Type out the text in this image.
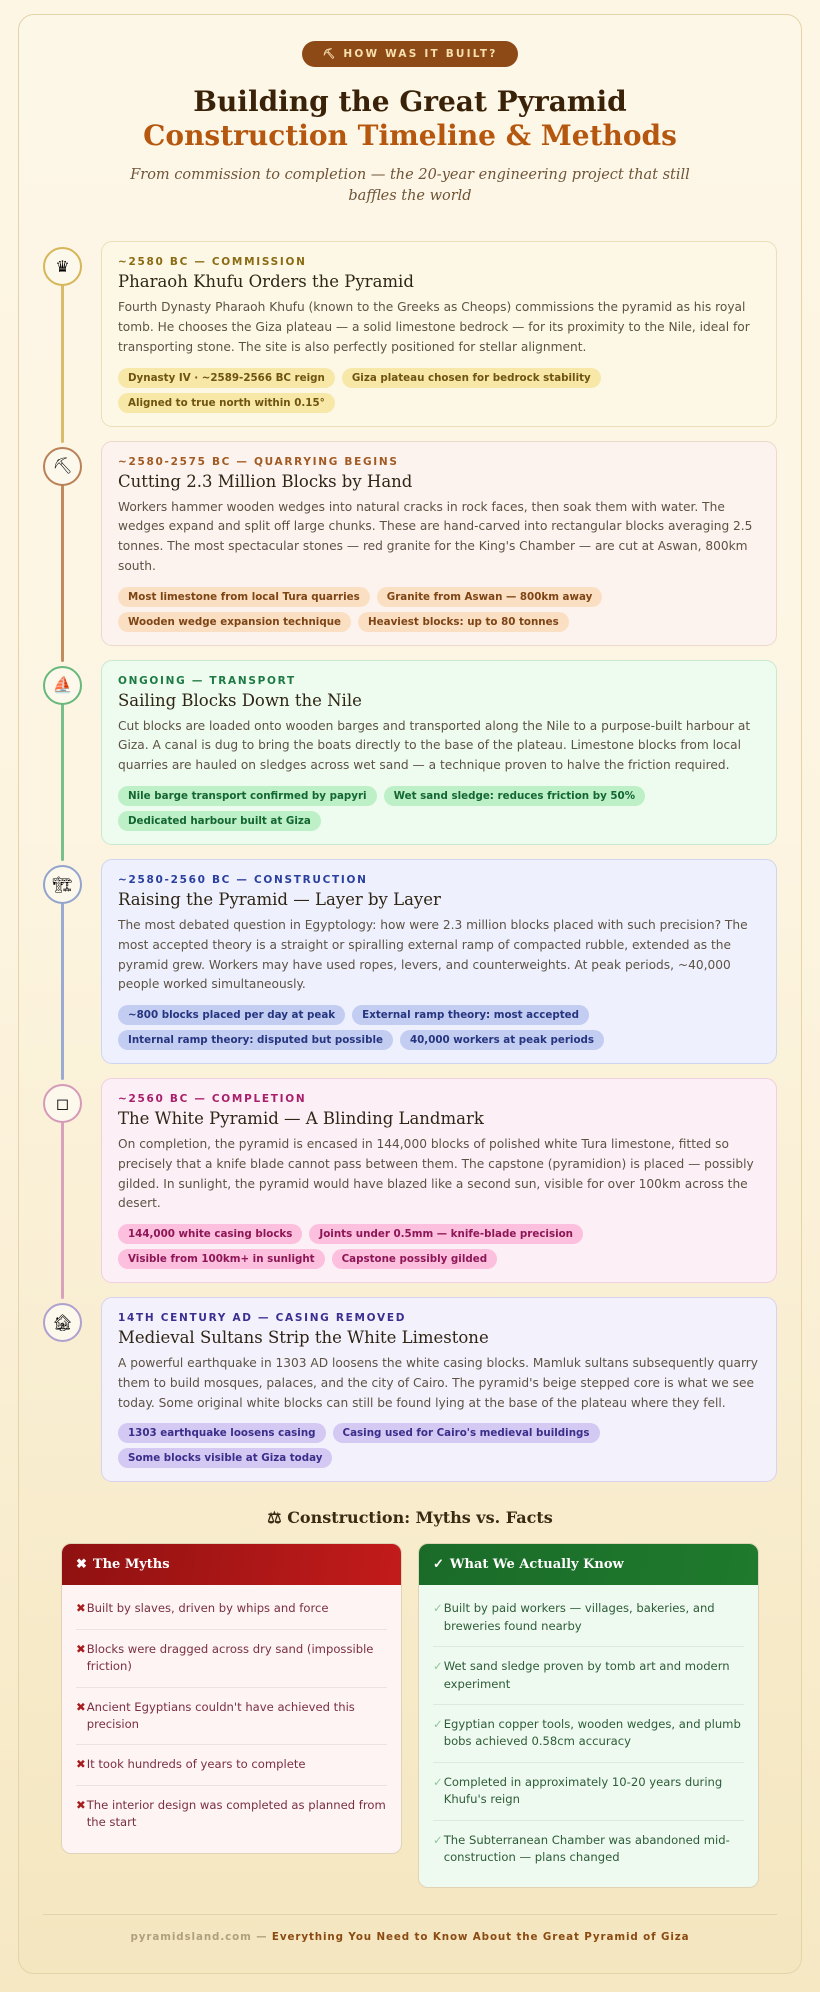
⛏ HOW WAS IT BUILT?
Building the Great Pyramid
Construction Timeline & Methods

From commission to completion — the 20-year engineering project that still baffles the world

♛	~2580 BC — COMMISSION
Pharaoh Khufu Orders the Pyramid

Fourth Dynasty Pharaoh Khufu (known to the Greeks as Cheops) commissions the pyramid as his royal tomb. He chooses the Giza plateau — a solid limestone bedrock — for its proximity to the Nile, ideal for transporting stone. The site is also perfectly positioned for stellar alignment.

Dynasty IV · ~2589-2566 BC reign	Giza plateau chosen for bedrock stability
Aligned to true north within 0.15°
⛏	~2580-2575 BC — QUARRYING BEGINS
Cutting 2.3 Million Blocks by Hand

Workers hammer wooden wedges into natural cracks in rock faces, then soak them with water. The wedges expand and split off large chunks. These are hand-carved into rectangular blocks averaging 2.5 tonnes. The most spectacular stones — red granite for the King's Chamber — are cut at Aswan, 800km south.

Most limestone from local Tura quarries	Granite from Aswan — 800km away
Wooden wedge expansion technique	Heaviest blocks: up to 80 tonnes
⛵	ONGOING — TRANSPORT
Sailing Blocks Down the Nile

Cut blocks are loaded onto wooden barges and transported along the Nile to a purpose-built harbour at Giza. A canal is dug to bring the boats directly to the base of the plateau. Limestone blocks from local quarries are hauled on sledges across wet sand — a technique proven to halve the friction required.

Nile barge transport confirmed by papyri	Wet sand sledge: reduces friction by 50%
Dedicated harbour built at Giza
🏗	~2580-2560 BC — CONSTRUCTION
Raising the Pyramid — Layer by Layer

The most debated question in Egyptology: how were 2.3 million blocks placed with such precision? The most accepted theory is a straight or spiralling external ramp of compacted rubble, extended as the pyramid grew. Workers may have used ropes, levers, and counterweights. At peak periods, ~40,000 people worked simultaneously.

~800 blocks placed per day at peak	External ramp theory: most accepted
Internal ramp theory: disputed but possible	40,000 workers at peak periods
◻	~2560 BC — COMPLETION
The White Pyramid — A Blinding Landmark

On completion, the pyramid is encased in 144,000 blocks of polished white Tura limestone, fitted so precisely that a knife blade cannot pass between them. The capstone (pyramidion) is placed — possibly gilded. In sunlight, the pyramid would have blazed like a second sun, visible for over 100km across the desert.

144,000 white casing blocks	Joints under 0.5mm — knife-blade precision
Visible from 100km+ in sunlight	Capstone possibly gilded
🏚	14TH CENTURY AD — CASING REMOVED
Medieval Sultans Strip the White Limestone

A powerful earthquake in 1303 AD loosens the white casing blocks. Mamluk sultans subsequently quarry them to build mosques, palaces, and the city of Cairo. The pyramid's beige stepped core is what we see today. Some original white blocks can still be found lying at the base of the plateau where they fell.

1303 earthquake loosens casing	Casing used for Cairo's medieval buildings
Some blocks visible at Giza today
⚖ Construction: Myths vs. Facts
✖ The Myths
✖ Built by slaves, driven by whips and force
✖ Blocks were dragged across dry sand (impossible friction)
✖ Ancient Egyptians couldn't have achieved this precision
✖ It took hundreds of years to complete
✖ The interior design was completed as planned from the start
✓ What We Actually Know
✓ Built by paid workers — villages, bakeries, and breweries found nearby
✓ Wet sand sledge proven by tomb art and modern experiment
✓ Egyptian copper tools, wooden wedges, and plumb bobs achieved 0.58cm accuracy
✓ Completed in approximately 10-20 years during Khufu's reign
✓ The Subterranean Chamber was abandoned mid-construction — plans changed
pyramidsland.com — Everything You Need to Know About the Great Pyramid of Giza
